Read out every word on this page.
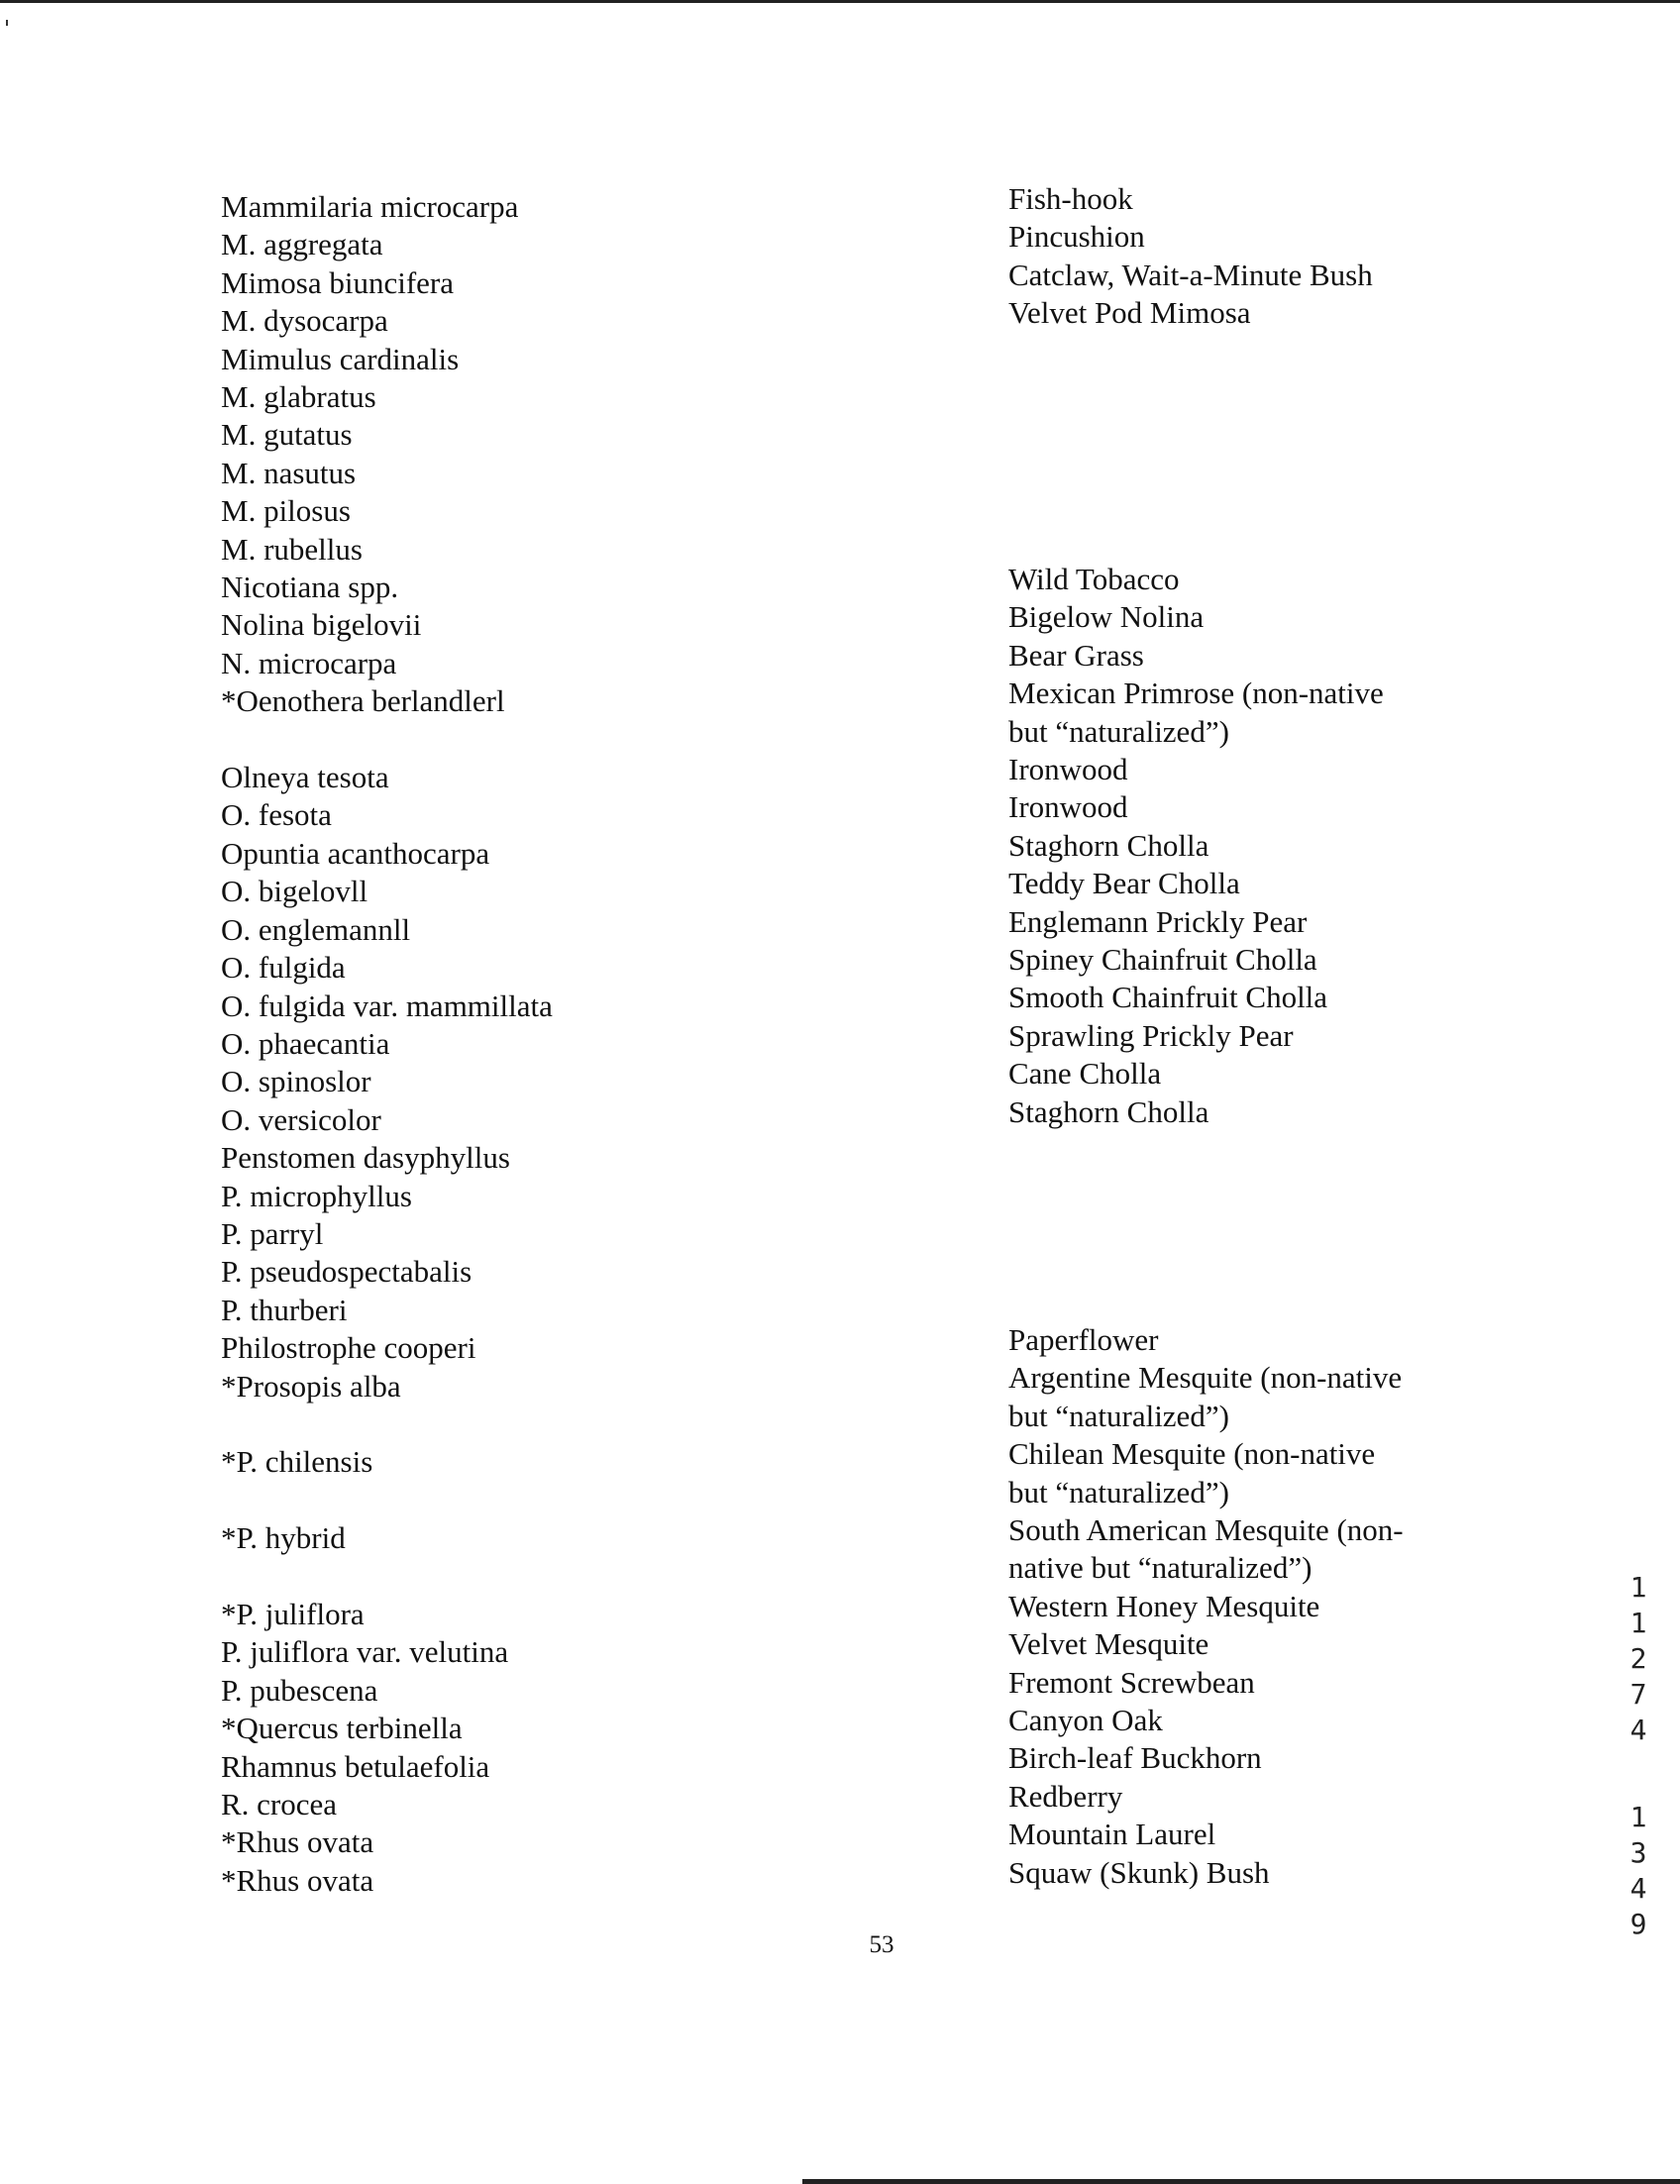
Mammilaria microcarpa
M. aggregata
Mimosa biuncifera
M. dysocarpa
Mimulus cardinalis
M. glabratus
M. gutatus
M. nasutus
M. pilosus
M. rubellus
Nicotiana spp.
Nolina bigelovii
N. microcarpa
*Oenothera berlandlerl
Olneya tesota
O. fesota
Opuntia acanthocarpa
O. bigelovll
O. englemannll
O. fulgida
O. fulgida var. mammillata
O. phaecantia
O. spinoslor
O. versicolor
Penstomen dasyphyllus
P. microphyllus
P. parryl
P. pseudospectabalis
P. thurberi
Philostrophe cooperi
*Prosopis alba
*P. chilensis
*P. hybrid
*P. juliflora
P. juliflora var. velutina
P. pubescena
*Quercus terbinella
Rhamnus betulaefolia
R. crocea
*Rhus ovata
*Rhus ovata
Fish-hook
Pincushion
Catclaw, Wait-a-Minute Bush
Velvet Pod Mimosa
Wild Tobacco
Bigelow Nolina
Bear Grass
Mexican Primrose (non-native
but “naturalized”)
Ironwood
Ironwood
Staghorn Cholla
Teddy Bear Cholla
Englemann Prickly Pear
Spiney Chainfruit Cholla
Smooth Chainfruit Cholla
Sprawling Prickly Pear
Cane Cholla
Staghorn Cholla
Paperflower
Argentine Mesquite (non-native
but “naturalized”)
Chilean Mesquite (non-native
but “naturalized”)
South American Mesquite (non-
native but “naturalized”)
Western Honey Mesquite
Velvet Mesquite
Fremont Screwbean
Canyon Oak
Birch-leaf Buckhorn
Redberry
Mountain Laurel
Squaw (Skunk) Bush
53
1
1
2
7
4
1
3
4
9
